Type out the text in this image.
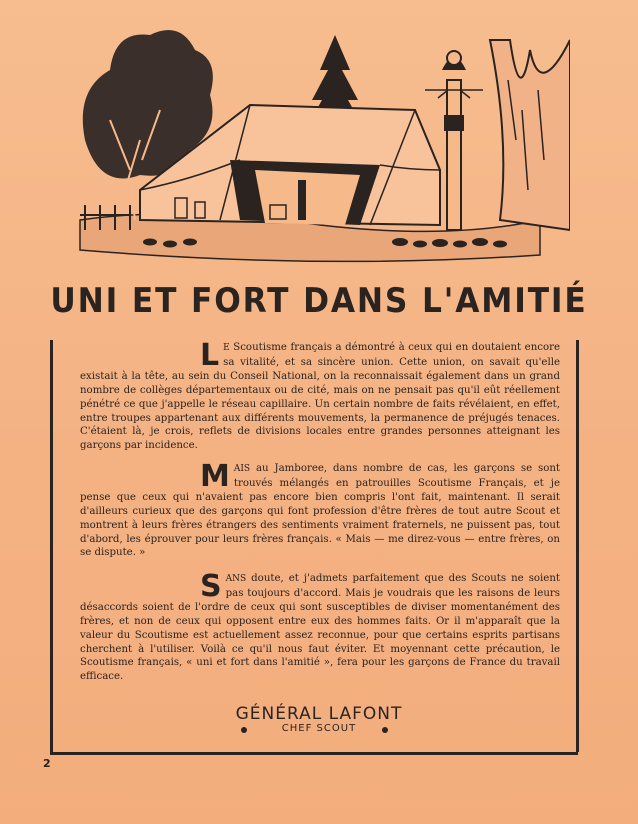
UNI ET FORT DANS L'AMITIÉ
L E Scoutisme français a démontré à ceux qui en doutaient encore sa vitalité, et sa sincère union. Cette union, on savait qu'elle existait à la tête, au sein du Conseil National, on la reconnaissait également dans un grand nombre de collèges départementaux ou de cité, mais on ne pensait pas qu'il eût réellement pénétré ce que j'appelle le réseau capillaire. Un certain nombre de faits révélaient, en effet, entre troupes appartenant aux différents mouvements, la permanence de préjugés tenaces. C'étaient là, je crois, reflets de divisions locales entre grandes personnes atteignant les garçons par incidence.
MAIS au Jamboree, dans nombre de cas, les garçons se sont trouvés mélangés en patrouilles Scoutisme Français, et je pense que ceux qui n'avaient pas encore bien compris l'ont fait, maintenant. Il serait d'ailleurs curieux que des garçons qui font profession d'être frères de tout autre Scout et montrent à leurs frères étrangers des sentiments vraiment fraternels, ne puissent pas, tout d'abord, les éprouver pour leurs frères français. « Mais — me direz-vous — entre frères, on se dispute. »
SANS doute, et j'admets parfaitement que des Scouts ne soient pas toujours d'accord. Mais je voudrais que les raisons de leurs désaccords soient de l'ordre de ceux qui sont susceptibles de diviser momentanément des frères, et non de ceux qui opposent entre eux des hommes faits. Or il m'apparaît que la valeur du Scoutisme est actuellement assez reconnue, pour que certains esprits partisans cherchent à l'utiliser. Voilà ce qu'il nous faut éviter. Et moyennant cette précaution, le Scoutisme français, « uni et fort dans l'amitié », fera pour les garçons de France du travail efficace.
GÉNÉRAL LAFONT
CHEF SCOUT
2
